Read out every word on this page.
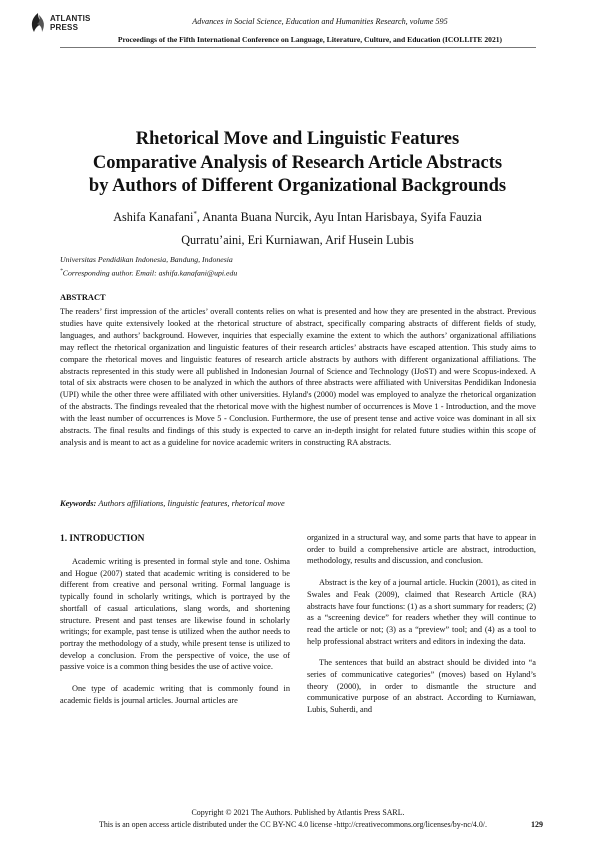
ATLANTIS
PRESS
Advances in Social Science, Education and Humanities Research, volume 595
Proceedings of the Fifth International Conference on Language, Literature, Culture, and Education (ICOLLITE 2021)
Rhetorical Move and Linguistic Features
Comparative Analysis of Research Article Abstracts
by Authors of Different Organizational Backgrounds
Ashifa Kanafani*, Ananta Buana Nurcik, Ayu Intan Harisbaya, Syifa Fauzia
Qurratu’aini, Eri Kurniawan, Arif Husein Lubis
Universitas Pendidikan Indonesia, Bandung, Indonesia
*Corresponding author. Email: ashifa.kanafani@upi.edu
ABSTRACT
The readers’ first impression of the articles’ overall contents relies on what is presented and how they are presented in the abstract. Previous studies have quite extensively looked at the rhetorical structure of abstract, specifically comparing abstracts of different fields of study, languages, and authors’ background. However, inquiries that especially examine the extent to which the authors’ organizational affiliations may reflect the rhetorical organization and linguistic features of their research articles’ abstracts have escaped attention. This study aims to compare the rhetorical moves and linguistic features of research article abstracts by authors with different organizational affiliations. The abstracts represented in this study were all published in Indonesian Journal of Science and Technology (IJoST) and were Scopus-indexed. A total of six abstracts were chosen to be analyzed in which the authors of three abstracts were affiliated with Universitas Pendidikan Indonesia (UPI) while the other three were affiliated with other universities. Hyland's (2000) model was employed to analyze the rhetorical organization of the abstracts. The findings revealed that the rhetorical move with the highest number of occurrences is Move 1 - Introduction, and the move with the least number of occurrences is Move 5 - Conclusion. Furthermore, the use of present tense and active voice was dominant in all six abstracts. The final results and findings of this study is expected to carve an in-depth insight for related future studies within this scope of analysis and is meant to act as a guideline for novice academic writers in constructing RA abstracts.
Keywords: Authors affiliations, linguistic features, rhetorical move
1. INTRODUCTION

Academic writing is presented in formal style and tone. Oshima and Hogue (2007) stated that academic writing is considered to be different from creative and personal writing. Formal language is typically found in scholarly writings, which is portrayed by the shortfall of casual articulations, slang words, and shortening structure. Present and past tenses are likewise found in scholarly writings; for example, past tense is utilized when the author needs to portray the methodology of a study, while present tense is utilized to develop a conclusion. From the perspective of voice, the use of passive voice is a common thing besides the use of active voice.

One type of academic writing that is commonly found in academic fields is journal articles. Journal articles are

organized in a structural way, and some parts that have to appear in order to build a comprehensive article are abstract, introduction, methodology, results and discussion, and conclusion.

Abstract is the key of a journal article. Huckin (2001), as cited in Swales and Feak (2009), claimed that Research Article (RA) abstracts have four functions: (1) as a short summary for readers; (2) as a “screening device” for readers whether they will continue to read the article or not; (3) as a “preview” tool; and (4) as a tool to help professional abstract writers and editors in indexing the data.

The sentences that build an abstract should be divided into “a series of communicative categories” (moves) based on Hyland’s theory (2000), in order to dismantle the structure and communicative purpose of an abstract. According to Kurniawan, Lubis, Suherdi, and

Copyright © 2021 The Authors. Published by Atlantis Press SARL.
This is an open access article distributed under the CC BY-NC 4.0 license -http://creativecommons.org/licenses/by-nc/4.0/.	129
